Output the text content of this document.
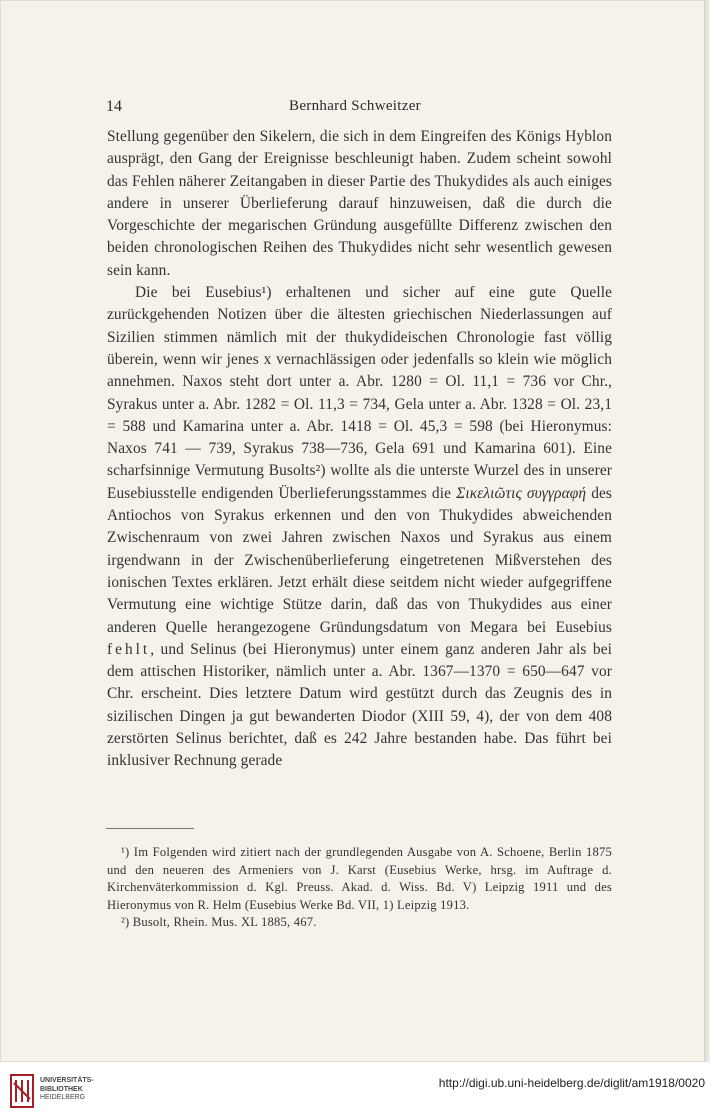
14	Bernhard Schweitzer

Stellung gegenüber den Sikelern, die sich in dem Eingreifen des Königs Hyblon ausprägt, den Gang der Ereignisse beschleunigt haben. Zudem scheint sowohl das Fehlen näherer Zeitangaben in dieser Partie des Thukydides als auch einiges andere in unserer Überlieferung darauf hinzuweisen, daß die durch die Vorgeschichte der megarischen Gründung ausgefüllte Differenz zwischen den beiden chronologischen Reihen des Thukydides nicht sehr wesentlich gewesen sein kann.

Die bei Eusebius¹) erhaltenen und sicher auf eine gute Quelle zurückgehenden Notizen über die ältesten griechischen Niederlassungen auf Sizilien stimmen nämlich mit der thukydideischen Chronologie fast völlig überein, wenn wir jenes x vernachlässigen oder jedenfalls so klein wie möglich annehmen. Naxos steht dort unter a. Abr. 1280 = Ol. 11,1 = 736 vor Chr., Syrakus unter a. Abr. 1282 = Ol. 11,3 = 734, Gela unter a. Abr. 1328 = Ol. 23,1 = 588 und Kamarina unter a. Abr. 1418 = Ol. 45,3 = 598 (bei Hieronymus: Naxos 741 — 739, Syrakus 738—736, Gela 691 und Kamarina 601). Eine scharfsinnige Vermutung Busolts²) wollte als die unterste Wurzel des in unserer Eusebiusstelle endigenden Überlieferungsstammes die Σικελιῶτις συγγραφή des Antiochos von Syrakus erkennen und den von Thukydides abweichenden Zwischenraum von zwei Jahren zwischen Naxos und Syrakus aus einem irgendwann in der Zwischenüberlieferung eingetretenen Mißverstehen des ionischen Textes erklären. Jetzt erhält diese seitdem nicht wieder aufgegriffene Vermutung eine wichtige Stütze darin, daß das von Thukydides aus einer anderen Quelle herangezogene Gründungsdatum von Megara bei Eusebius fehlt, und Selinus (bei Hieronymus) unter einem ganz anderen Jahr als bei dem attischen Historiker, nämlich unter a. Abr. 1367—1370 = 650—647 vor Chr. erscheint. Dies letztere Datum wird gestützt durch das Zeugnis des in sizilischen Dingen ja gut bewanderten Diodor (XIII 59, 4), der von dem 408 zerstörten Selinus berichtet, daß es 242 Jahre bestanden habe. Das führt bei inklusiver Rechnung gerade

¹) Im Folgenden wird zitiert nach der grundlegenden Ausgabe von A. Schoene, Berlin 1875 und den neueren des Armeniers von J. Karst (Eusebius Werke, hrsg. im Auftrage d. Kirchenväterkommission d. Kgl. Preuss. Akad. d. Wiss. Bd. V) Leipzig 1911 und des Hieronymus von R. Helm (Eusebius Werke Bd. VII, 1) Leipzig 1913.

²) Busolt, Rhein. Mus. XL 1885, 467.

UNIVERSITÄTS-
BIBLIOTHEK
HEIDELBERG
http://digi.ub.uni-heidelberg.de/diglit/am1918/0020
